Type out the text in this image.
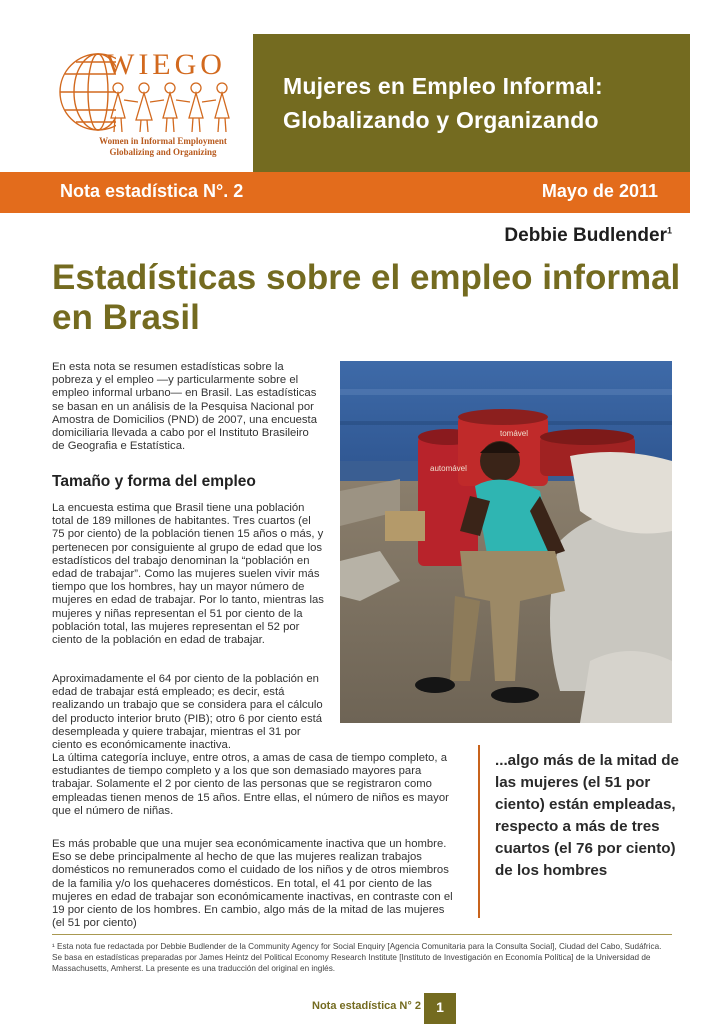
WIEGO
Women in Informal Employment
Globalizing and Organizing
Mujeres en Empleo Informal:
Globalizando y Organizando
Nota estadística N°. 2	Mayo de 2011
Debbie Budlender$^1$
Estadísticas sobre el empleo informal en Brasil
En esta nota se resumen estadísticas sobre la pobreza y el empleo —y particularmente sobre el empleo informal urbano— en Brasil. Las estadísticas se basan en un análisis de la Pesquisa Nacional por Amostra de Domicilios (PND) de 2007, una encuesta domiciliaria llevada a cabo por el Instituto Brasileiro de Geografia e Estatística.
Tamaño y forma del empleo
La encuesta estima que Brasil tiene una población total de 189 millones de habitantes. Tres cuartos (el 75 por ciento) de la población tienen 15 años o más, y pertenecen por consiguiente al grupo de edad que los estadísticos del trabajo denominan la “población en edad de trabajar”. Como las mujeres suelen vivir más tiempo que los hombres, hay un mayor número de mujeres en edad de trabajar. Por lo tanto, mientras las mujeres y niñas representan el 51 por ciento de la población total, las mujeres representan el 52 por ciento de la población en edad de trabajar.
Aproximadamente el 64 por ciento de la población en edad de trabajar está empleado; es decir, está realizando un trabajo que se considera para el cálculo del producto interior bruto (PIB); otro 6 por ciento está desempleada y quiere trabajar, mientras el 31 por ciento es económicamente inactiva.
La última categoría incluye, entre otros, a amas de casa de tiempo completo, a estudiantes de tiempo completo y a los que son demasiado mayores para trabajar. Solamente el 2 por ciento de las personas que se registraron como empleadas tienen menos de 15 años. Entre ellas, el número de niños es mayor que el número de niñas.
Es más probable que una mujer sea económicamente inactiva que un hombre. Eso se debe principalmente al hecho de que las mujeres realizan trabajos domésticos no remunerados como el cuidado de los niños y de otros miembros de la familia y/o los quehaceres domésticos. En total, el 41 por ciento de las mujeres en edad de trabajar son económicamente inactivas, en contraste con el 19 por ciento de los hombres. En cambio, algo más de la mitad de las mujeres (el 51 por ciento)
automável
tomável
...algo más de la mitad de las mujeres (el 51 por ciento) están empleadas, respecto a más de tres cuartos (el 76 por ciento) de los hombres
¹ Esta nota fue redactada por Debbie Budlender de la Community Agency for Social Enquiry [Agencia Comunitaria para la Consulta Social], Ciudad del Cabo, Sudáfrica. Se basa en estadísticas preparadas por James Heintz del Political Economy Research Institute [Instituto de Investigación en Economía Política] de la Universidad de Massachusetts, Amherst. La presente es una traducción del original en inglés.
Nota estadística N° 2	1
